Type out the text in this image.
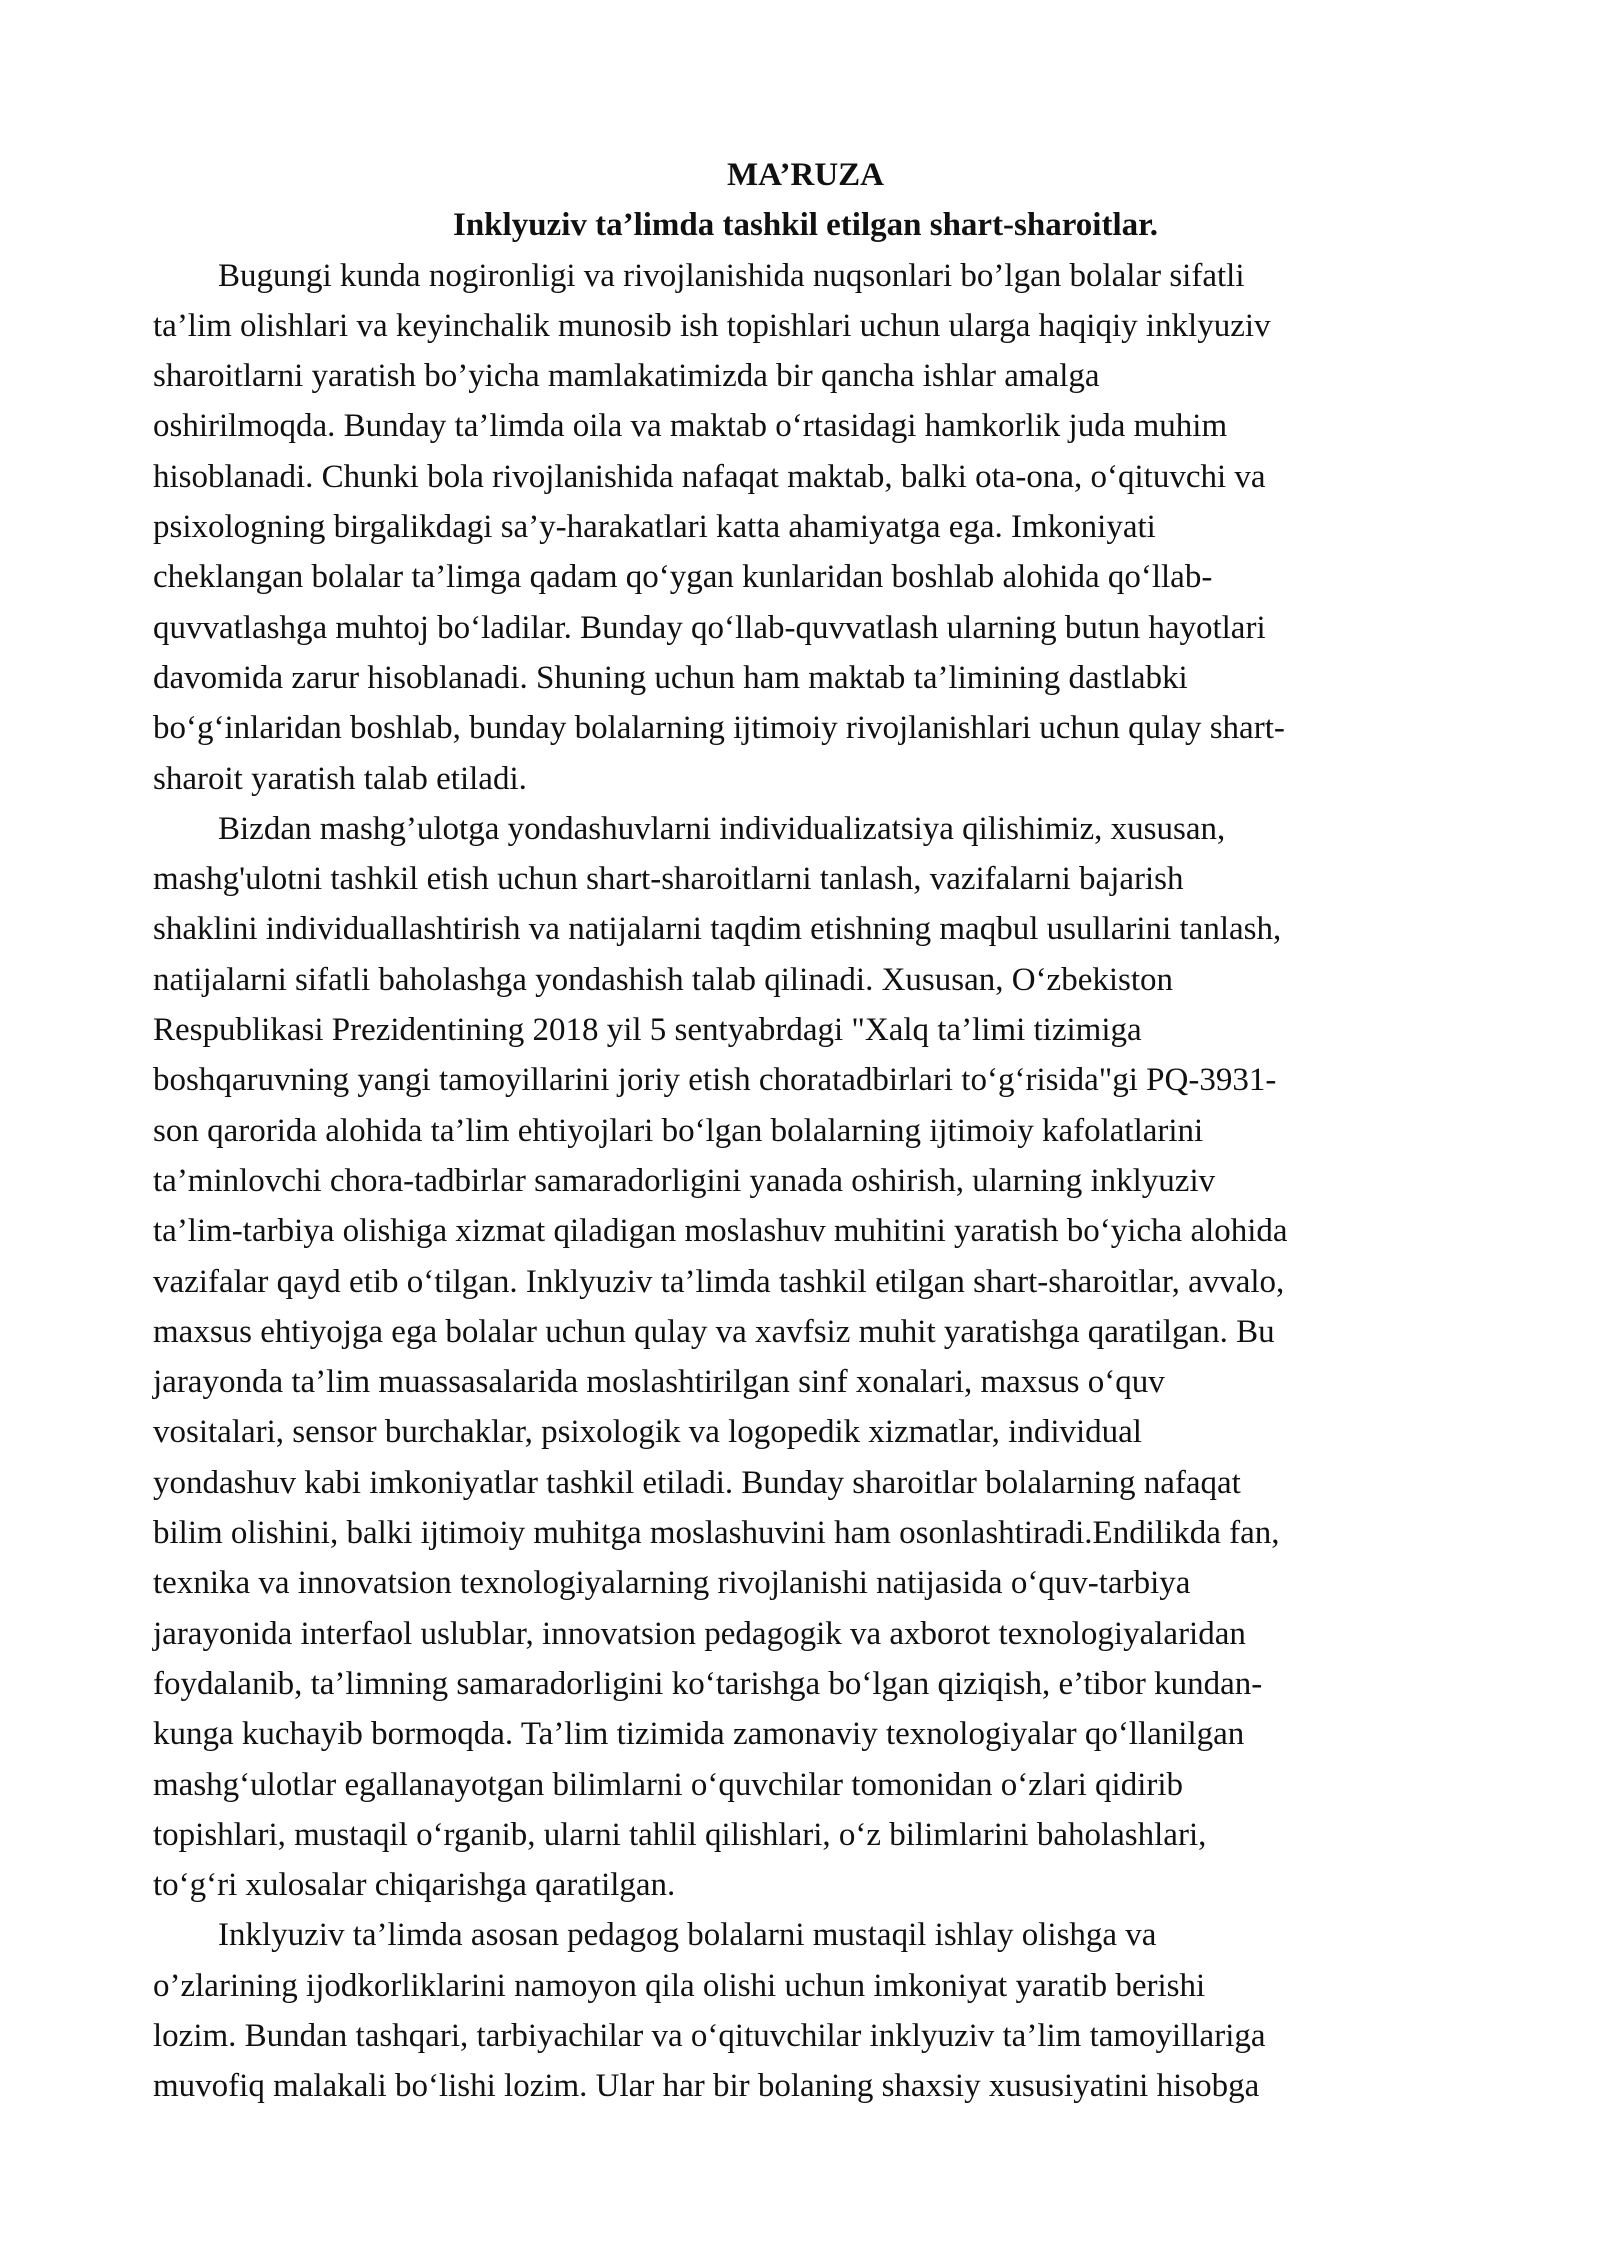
MA’RUZA
Inklyuziv ta’limda tashkil etilgan shart-sharoitlar.

Bugungi kunda nogironligi va rivojlanishida nuqsonlari bo’lgan bolalar sifatli
ta’lim olishlari va keyinchalik munosib ish topishlari uchun ularga haqiqiy inklyuziv
sharoitlarni yaratish bo’yicha mamlakatimizda bir qancha ishlar amalga
oshirilmoqda. Bunday ta’limda oila va maktab oʻrtasidagi hamkorlik juda muhim
hisoblanadi. Chunki bola rivojlanishida nafaqat maktab, balki ota-ona, oʻqituvchi va
psixologning birgalikdagi sa’y-harakatlari katta ahamiyatga ega. Imkoniyati
cheklangan bolalar ta’limga qadam qoʻygan kunlaridan boshlab alohida qoʻllab-
quvvatlashga muhtoj boʻladilar. Bunday qoʻllab-quvvatlash ularning butun hayotlari
davomida zarur hisoblanadi. Shuning uchun ham maktab ta’limining dastlabki
boʻgʻinlaridan boshlab, bunday bolalarning ijtimoiy rivojlanishlari uchun qulay shart-
sharoit yaratish talab etiladi.

Bizdan mashg’ulotga yondashuvlarni individualizatsiya qilishimiz, xususan,
mashg'ulotni tashkil etish uchun shart-sharoitlarni tanlash, vazifalarni bajarish
shaklini individuallashtirish va natijalarni taqdim etishning maqbul usullarini tanlash,
natijalarni sifatli baholashga yondashish talab qilinadi. Xususan, Oʻzbekiston
Respublikasi Prezidentining 2018 yil 5 sentyabrdagi "Xalq ta’limi tizimiga
boshqaruvning yangi tamoyillarini joriy etish choratadbirlari toʻgʻrisida"gi PQ-3931-
son qarorida alohida ta’lim ehtiyojlari boʻlgan bolalarning ijtimoiy kafolatlarini
ta’minlovchi chora-tadbirlar samaradorligini yanada oshirish, ularning inklyuziv
ta’lim-tarbiya olishiga xizmat qiladigan moslashuv muhitini yaratish boʻyicha alohida
vazifalar qayd etib oʻtilgan. Inklyuziv ta’limda tashkil etilgan shart-sharoitlar, avvalo,
maxsus ehtiyojga ega bolalar uchun qulay va xavfsiz muhit yaratishga qaratilgan. Bu
jarayonda ta’lim muassasalarida moslashtirilgan sinf xonalari, maxsus oʻquv
vositalari, sensor burchaklar, psixologik va logopedik xizmatlar, individual
yondashuv kabi imkoniyatlar tashkil etiladi. Bunday sharoitlar bolalarning nafaqat
bilim olishini, balki ijtimoiy muhitga moslashuvini ham osonlashtiradi.Endilikda fan,
texnika va innovatsion texnologiyalarning rivojlanishi natijasida oʻquv-tarbiya
jarayonida interfaol uslublar, innovatsion pedagogik va axborot texnologiyalaridan
foydalanib, ta’limning samaradorligini koʻtarishga boʻlgan qiziqish, e’tibor kundan-
kunga kuchayib bormoqda. Ta’lim tizimida zamonaviy texnologiyalar qoʻllanilgan
mashgʻulotlar egallanayotgan bilimlarni oʻquvchilar tomonidan oʻzlari qidirib
topishlari, mustaqil oʻrganib, ularni tahlil qilishlari, oʻz bilimlarini baholashlari,
toʻgʻri xulosalar chiqarishga qaratilgan.

Inklyuziv ta’limda asosan pedagog bolalarni mustaqil ishlay olishga va
o’zlarining ijodkorliklarini namoyon qila olishi uchun imkoniyat yaratib berishi
lozim. Bundan tashqari, tarbiyachilar va oʻqituvchilar inklyuziv ta’lim tamoyillariga
muvofiq malakali boʻlishi lozim. Ular har bir bolaning shaxsiy xususiyatini hisobga
